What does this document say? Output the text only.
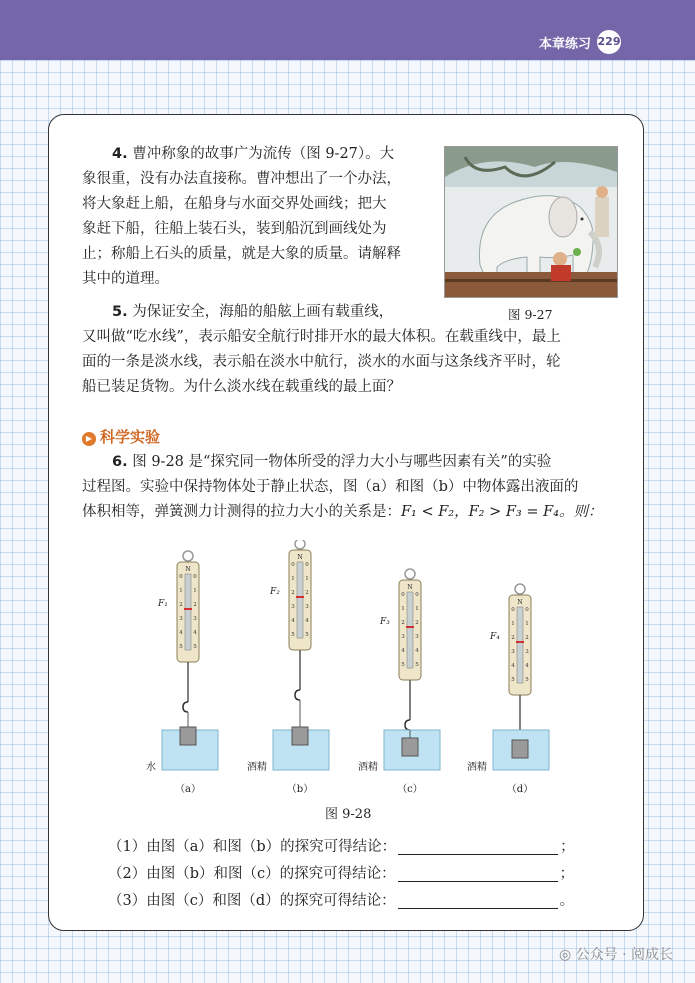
本章练习 229

4. 曹冲称象的故事广为流传（图 9-27）。大

象很重，没有办法直接称。曹冲想出了一个办法，

将大象赶上船，在船身与水面交界处画线；把大

象赶下船，往船上装石头，装到船沉到画线处为

止；称船上石头的质量，就是大象的质量。请解释

其中的道理。

图 9-27

5. 为保证安全，海船的船舷上画有载重线，

又叫做“吃水线”，表示船安全航行时排开水的最大体积。在载重线中，最上

面的一条是淡水线，表示船在淡水中航行，淡水的水面与这条线齐平时，轮

船已装足货物。为什么淡水线在载重线的最上面？

▶ 科学实验

6. 图 9-28 是“探究同一物体所受的浮力大小与哪些因素有关”的实验

过程图。实验中保持物体处于静止状态，图（a）和图（b）中物体露出液面的

体积相等，弹簧测力计测得的拉力大小的关系是：F₁ < F₂，F₂ > F₃ = F₄。则：

N
0 0
1 1
2 2
3 3
4 4
5 5
F₁
水
（a）
N
0 0
1 1
2 2
3 3
4 4
5 5
F₂
酒精
（b）
N
0 0
1 1
2 2
3 3
4 4
5 5
F₃
酒精
（c）
N
0 0
1 1
2 2
3 3
4 4
5 5
F₄
酒精
（d）
图 9-28
（1）由图（a）和图（b）的探究可得结论：	；
（2）由图（b）和图（c）的探究可得结论：	；
（3）由图（c）和图（d）的探究可得结论：	。
◎ 公众号 · 阅成长
